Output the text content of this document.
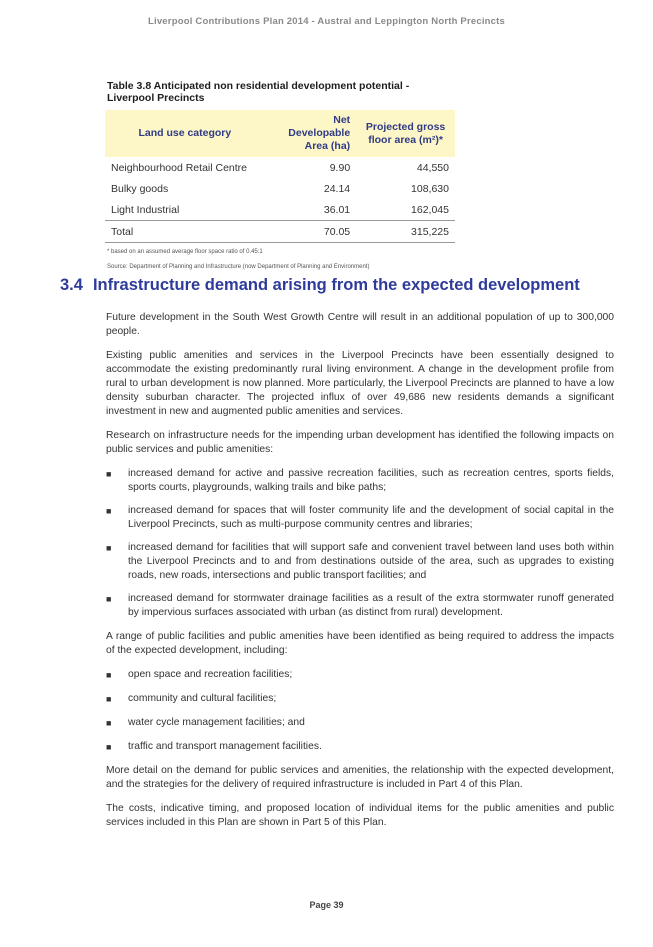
Liverpool Contributions Plan 2014 - Austral and Leppington North Precincts
Table 3.8 Anticipated non residential development potential - Liverpool Precincts
Land use category	Net Developable Area (ha)	Projected gross floor area (m²)*
Neighbourhood Retail Centre	9.90	44,550
Bulky goods	24.14	108,630
Light Industrial	36.01	162,045
Total	70.05	315,225
* based on an assumed average floor space ratio of 0.45:1
Source: Department of Planning and Infrastructure (now Department of Planning and Environment)
3.4 Infrastructure demand arising from the expected development

Future development in the South West Growth Centre will result in an additional population of up to 300,000 people.

Existing public amenities and services in the Liverpool Precincts have been essentially designed to accommodate the existing predominantly rural living environment. A change in the development profile from rural to urban development is now planned. More particularly, the Liverpool Precincts are planned to have a low density suburban character. The projected influx of over 49,686 new residents demands a significant investment in new and augmented public amenities and services.

Research on infrastructure needs for the impending urban development has identified the following impacts on public services and public amenities:

■ increased demand for active and passive recreation facilities, such as recreation centres, sports fields, sports courts, playgrounds, walking trails and bike paths;
■ increased demand for spaces that will foster community life and the development of social capital in the Liverpool Precincts, such as multi-purpose community centres and libraries;
■ increased demand for facilities that will support safe and convenient travel between land uses both within the Liverpool Precincts and to and from destinations outside of the area, such as upgrades to existing roads, new roads, intersections and public transport facilities; and
■ increased demand for stormwater drainage facilities as a result of the extra stormwater runoff generated by impervious surfaces associated with urban (as distinct from rural) development.

A range of public facilities and public amenities have been identified as being required to address the impacts of the expected development, including:

■ open space and recreation facilities;
■ community and cultural facilities;
■ water cycle management facilities; and
■ traffic and transport management facilities.

More detail on the demand for public services and amenities, the relationship with the expected development, and the strategies for the delivery of required infrastructure is included in Part 4 of this Plan.

The costs, indicative timing, and proposed location of individual items for the public amenities and public services included in this Plan are shown in Part 5 of this Plan.

Page 39
